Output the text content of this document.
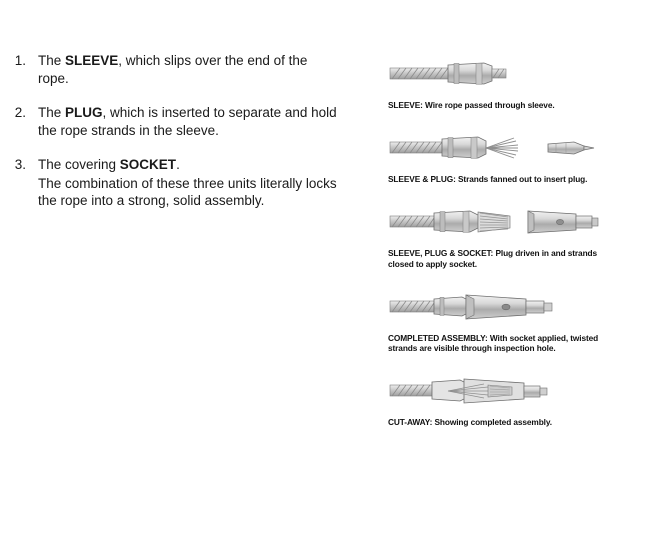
1. The SLEEVE, which slips over the end of the rope.
2. The PLUG, which is inserted to separate and hold the rope strands in the sleeve.
3. The covering SOCKET.
The combination of these three units literally locks the rope into a strong, solid assembly.
SLEEVE: Wire rope passed through sleeve.
SLEEVE & PLUG: Strands fanned out to insert plug.
SLEEVE, PLUG & SOCKET: Plug driven in and strands closed to apply socket.
COMPLETED ASSEMBLY: With socket applied, twisted strands are visible through inspection hole.
CUT-AWAY: Showing completed assembly.
